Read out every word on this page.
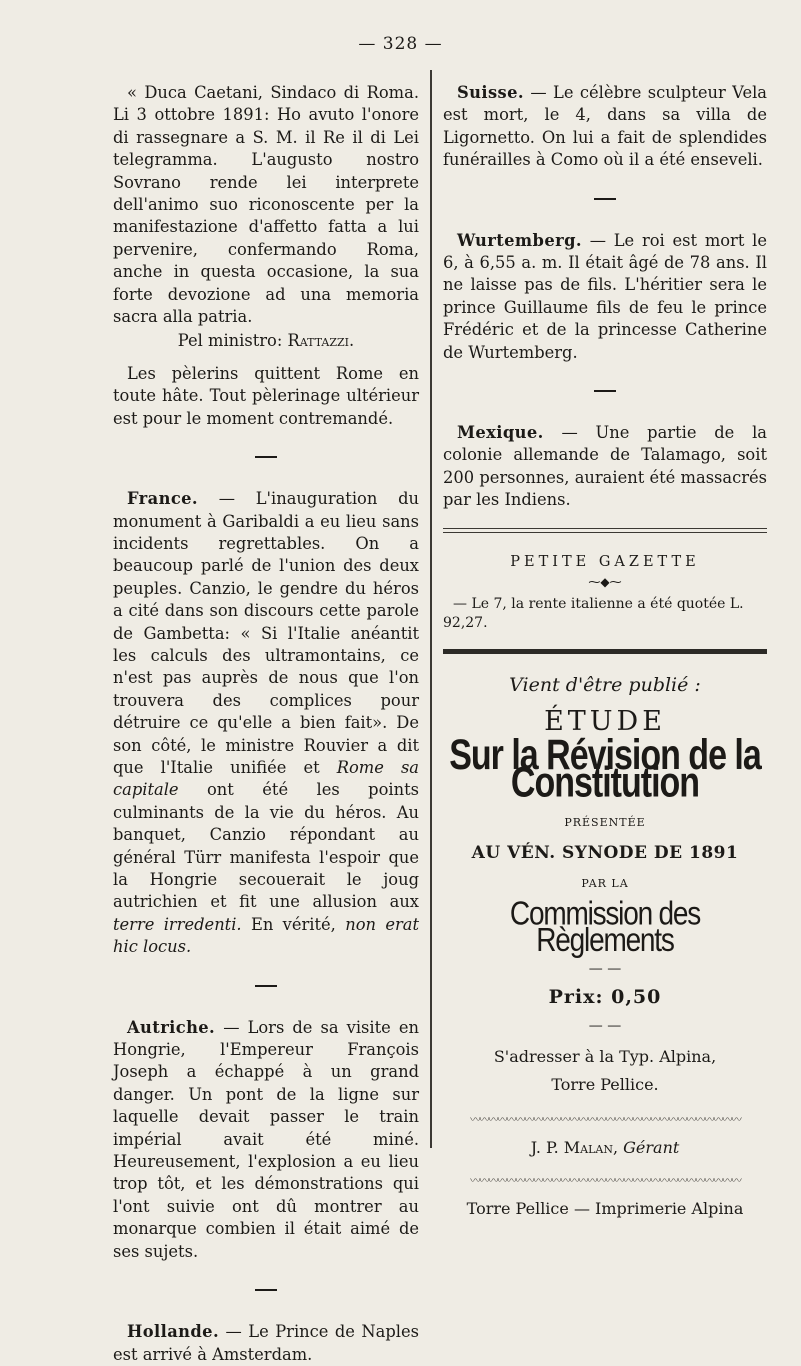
— 328 —

« Duca Caetani, Sindaco di Roma. Li 3 ottobre 1891: Ho avuto l'onore di rassegnare a S. M. il Re il di Lei telegramma. L'augusto nostro Sovrano rende lei interprete dell'animo suo riconoscente per la manifestazione d'affetto fatta a lui pervenire, confermando Roma, anche in questa occasione, la sua forte devozione ad una memoria sacra alla patria.

Pel ministro: Rattazzi.

Les pèlerins quittent Rome en toute hâte. Tout pèlerinage ultérieur est pour le moment contremandé.

France. — L'inauguration du monument à Garibaldi a eu lieu sans incidents regrettables. On a beaucoup parlé de l'union des deux peuples. Canzio, le gendre du héros a cité dans son discours cette parole de Gambetta: « Si l'Italie anéantit les calculs des ultramontains, ce n'est pas auprès de nous que l'on trouvera des complices pour détruire ce qu'elle a bien fait». De son côté, le ministre Rouvier a dit que l'Italie unifiée et Rome sa capitale ont été les points culminants de la vie du héros. Au banquet, Canzio répondant au général Türr manifesta l'espoir que la Hongrie secouerait le joug autrichien et fit une allusion aux terre irredenti. En vérité, non erat hic locus.

Autriche. — Lors de sa visite en Hongrie, l'Empereur François Joseph a échappé à un grand danger. Un pont de la ligne sur laquelle devait passer le train impérial avait été miné. Heureusement, l'explosion a eu lieu trop tôt, et les démonstrations qui l'ont suivie ont dû montrer au monarque combien il était aimé de ses sujets.

Hollande. — Le Prince de Naples est arrivé à Amsterdam.

Suisse. — Le célèbre sculpteur Vela est mort, le 4, dans sa villa de Ligornetto. On lui a fait de splendides funérailles à Como où il a été enseveli.

Wurtemberg. — Le roi est mort le 6, à 6,55 a. m. Il était âgé de 78 ans. Il ne laisse pas de fils. L'héritier sera le prince Guillaume fils de feu le prince Frédéric et de la princesse Catherine de Wurtemberg.

Mexique. — Une partie de la colonie allemande de Talamago, soit 200 personnes, auraient été massacrés par les Indiens.

PETITE GAZETTE
⁓◆⁓

— Le 7, la rente italienne a été quotée L. 92,27.

Vient d'être publié :
ÉTUDE
Sur la Révision de la Constitution
PRÉSENTÉE
AU VÉN. SYNODE DE 1891
PAR LA
Commission des Règlements
— —
Prix: 0,50
— —
S'adresser à la Typ. Alpina,
Torre Pellice.
〰〰〰〰〰〰〰〰〰〰〰〰〰〰〰〰〰〰〰〰〰〰〰〰〰〰〰〰〰〰
J. P. Malan, Gérant
〰〰〰〰〰〰〰〰〰〰〰〰〰〰〰〰〰〰〰〰〰〰〰〰〰〰〰〰〰〰
Torre Pellice — Imprimerie Alpina
